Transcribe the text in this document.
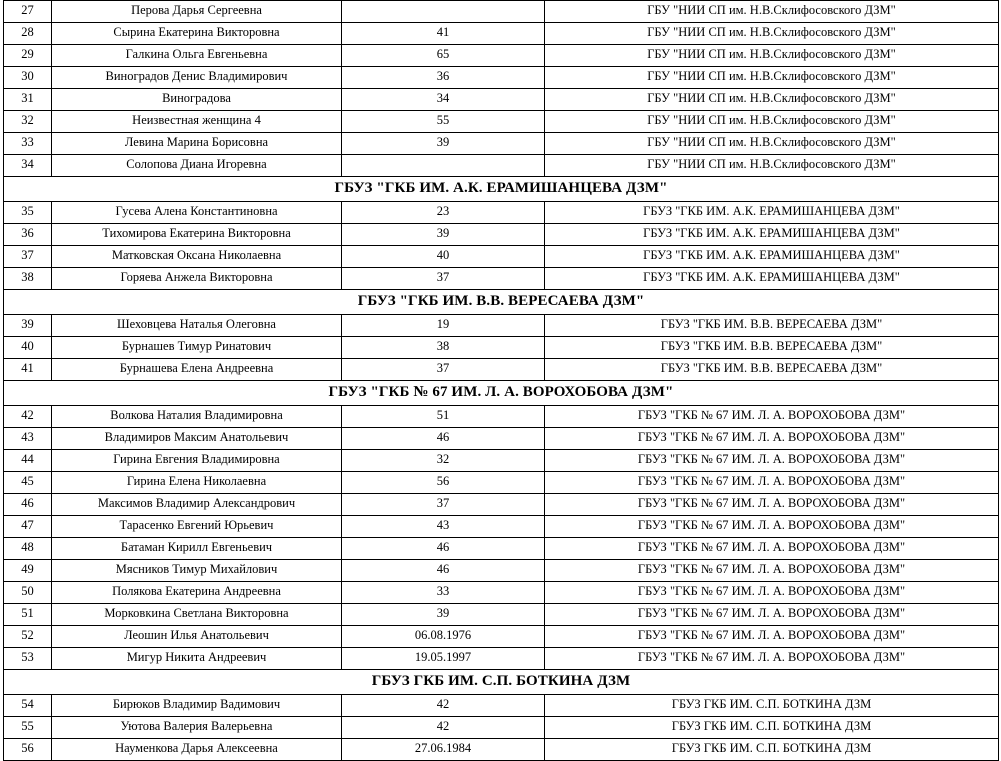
27	Перова Дарья Сергеевна		ГБУ "НИИ СП им. Н.В.Склифосовского ДЗМ"
28	Сырина Екатерина Викторовна	41	ГБУ "НИИ СП им. Н.В.Склифосовского ДЗМ"
29	Галкина Ольга Евгеньевна	65	ГБУ "НИИ СП им. Н.В.Склифосовского ДЗМ"
30	Виноградов Денис Владимирович	36	ГБУ "НИИ СП им. Н.В.Склифосовского ДЗМ"
31	Виноградова	34	ГБУ "НИИ СП им. Н.В.Склифосовского ДЗМ"
32	Неизвестная женщина 4	55	ГБУ "НИИ СП им. Н.В.Склифосовского ДЗМ"
33	Левина Марина Борисовна	39	ГБУ "НИИ СП им. Н.В.Склифосовского ДЗМ"
34	Солопова Диана Игоревна		ГБУ "НИИ СП им. Н.В.Склифосовского ДЗМ"
ГБУЗ "ГКБ ИМ. А.К. ЕРАМИШАНЦЕВА ДЗМ"			
35	Гусева Алена Константиновна	23	ГБУЗ "ГКБ ИМ. А.К. ЕРАМИШАНЦЕВА ДЗМ"
36	Тихомирова Екатерина Викторовна	39	ГБУЗ "ГКБ ИМ. А.К. ЕРАМИШАНЦЕВА ДЗМ"
37	Матковская Оксана Николаевна	40	ГБУЗ "ГКБ ИМ. А.К. ЕРАМИШАНЦЕВА ДЗМ"
38	Горяева Анжела Викторовна	37	ГБУЗ "ГКБ ИМ. А.К. ЕРАМИШАНЦЕВА ДЗМ"
ГБУЗ "ГКБ ИМ. В.В. ВЕРЕСАЕВА ДЗМ"			
39	Шеховцева Наталья Олеговна	19	ГБУЗ "ГКБ ИМ. В.В. ВЕРЕСАЕВА ДЗМ"
40	Бурнашев Тимур Ринатович	38	ГБУЗ "ГКБ ИМ. В.В. ВЕРЕСАЕВА ДЗМ"
41	Бурнашева Елена Андреевна	37	ГБУЗ "ГКБ ИМ. В.В. ВЕРЕСАЕВА ДЗМ"
ГБУЗ "ГКБ № 67 ИМ. Л. А. ВОРОХОБОВА ДЗМ"			
42	Волкова Наталия Владимировна	51	ГБУЗ "ГКБ № 67 ИМ. Л. А. ВОРОХОБОВА ДЗМ"
43	Владимиров Максим Анатольевич	46	ГБУЗ "ГКБ № 67 ИМ. Л. А. ВОРОХОБОВА ДЗМ"
44	Гирина Евгения Владимировна	32	ГБУЗ "ГКБ № 67 ИМ. Л. А. ВОРОХОБОВА ДЗМ"
45	Гирина Елена Николаевна	56	ГБУЗ "ГКБ № 67 ИМ. Л. А. ВОРОХОБОВА ДЗМ"
46	Максимов Владимир Александрович	37	ГБУЗ "ГКБ № 67 ИМ. Л. А. ВОРОХОБОВА ДЗМ"
47	Тарасенко Евгений Юрьевич	43	ГБУЗ "ГКБ № 67 ИМ. Л. А. ВОРОХОБОВА ДЗМ"
48	Батаман Кирилл Евгеньевич	46	ГБУЗ "ГКБ № 67 ИМ. Л. А. ВОРОХОБОВА ДЗМ"
49	Мясников Тимур Михайлович	46	ГБУЗ "ГКБ № 67 ИМ. Л. А. ВОРОХОБОВА ДЗМ"
50	Полякова Екатерина Андреевна	33	ГБУЗ "ГКБ № 67 ИМ. Л. А. ВОРОХОБОВА ДЗМ"
51	Морковкина Светлана Викторовна	39	ГБУЗ "ГКБ № 67 ИМ. Л. А. ВОРОХОБОВА ДЗМ"
52	Леошин Илья Анатольевич	06.08.1976	ГБУЗ "ГКБ № 67 ИМ. Л. А. ВОРОХОБОВА ДЗМ"
53	Мигур Никита Андреевич	19.05.1997	ГБУЗ "ГКБ № 67 ИМ. Л. А. ВОРОХОБОВА ДЗМ"
ГБУЗ ГКБ ИМ. С.П. БОТКИНА ДЗМ			
54	Бирюков Владимир Вадимович	42	ГБУЗ ГКБ ИМ. С.П. БОТКИНА ДЗМ
55	Уютова Валерия Валерьевна	42	ГБУЗ ГКБ ИМ. С.П. БОТКИНА ДЗМ
56	Науменкова Дарья Алексеевна	27.06.1984	ГБУЗ ГКБ ИМ. С.П. БОТКИНА ДЗМ
